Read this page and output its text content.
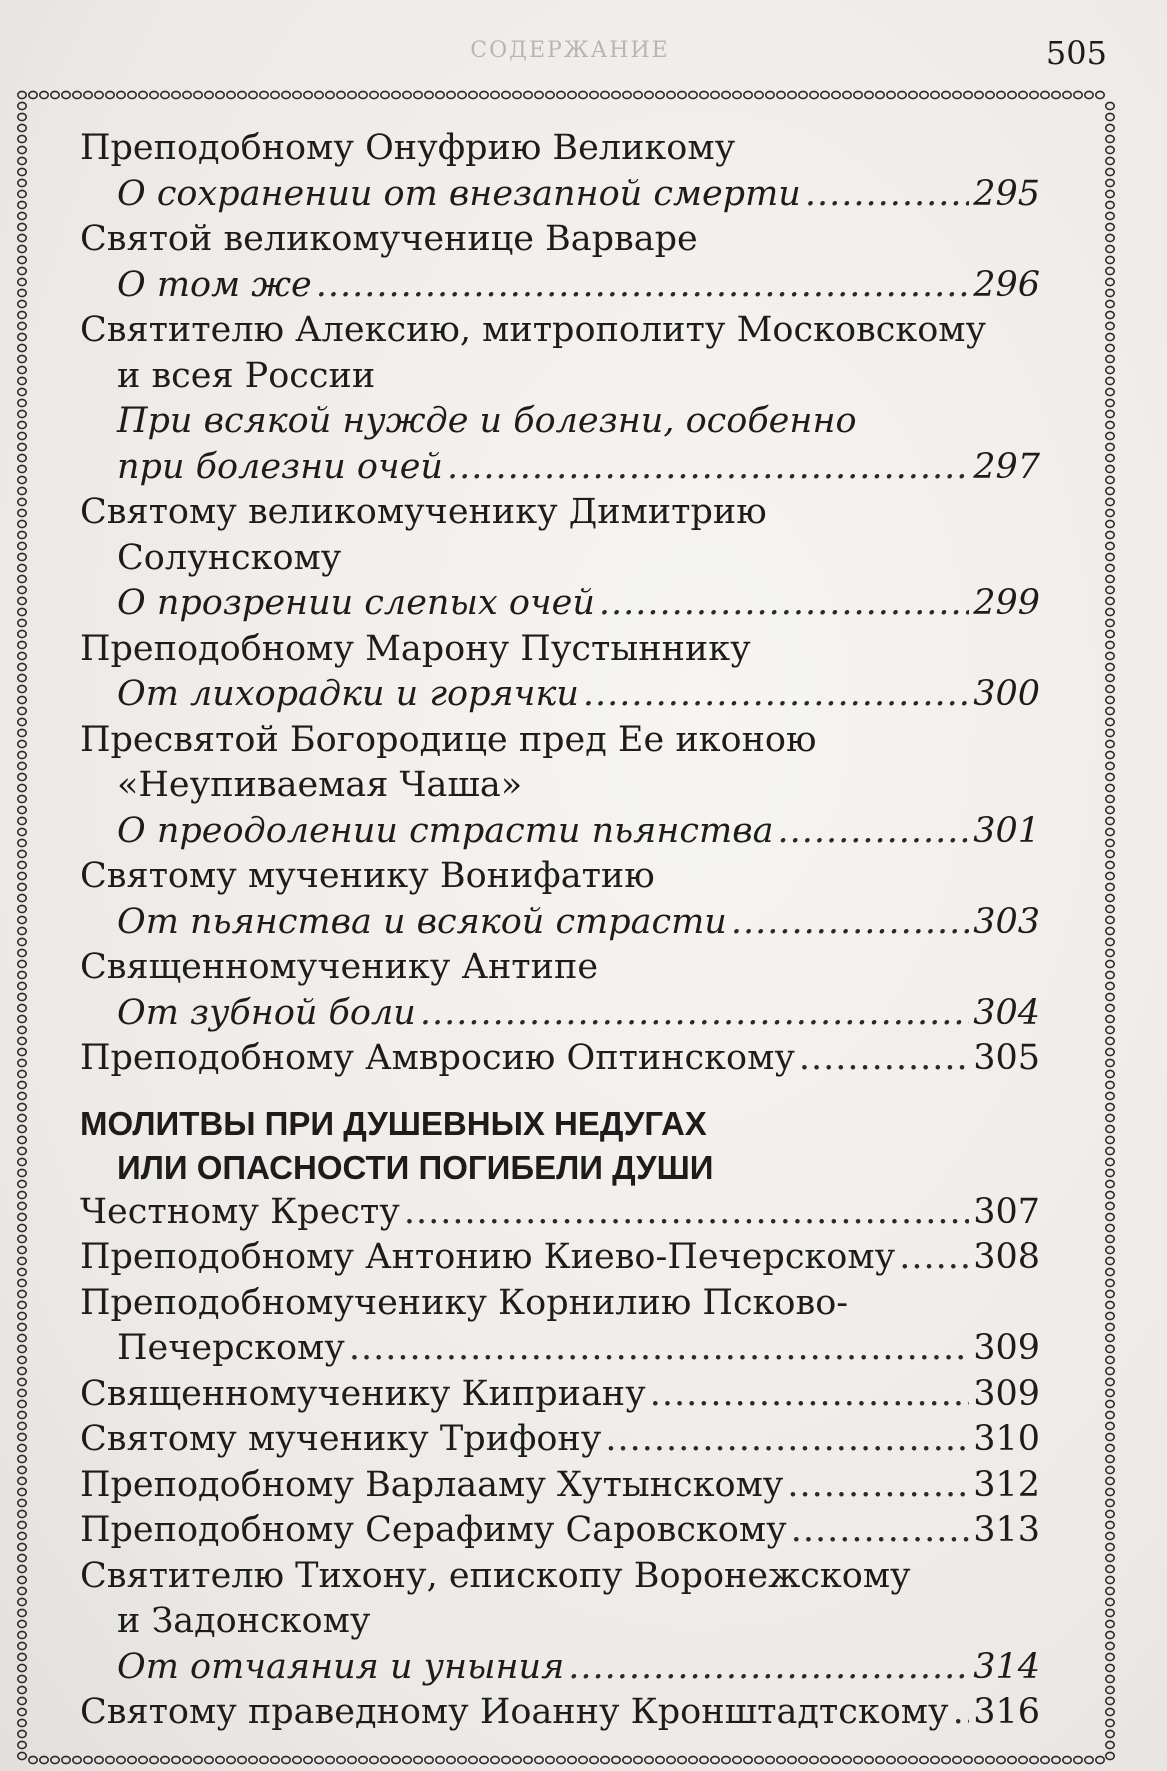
СОДЕРЖАНИЕ	505
Преподобному Онуфрию Великому
О сохранении от внезапной смерти .....	295
Святой великомученице Варваре
О том же .....	296
Святителю Алексию, митрополиту Московскому
и всея России
При всякой нужде и болезни, особенно
при болезни очей .....	297
Святому великомученику Димитрию
Солунскому
О прозрении слепых очей .....	299
Преподобному Марону Пустыннику
От лихорадки и горячки .....	300
Пресвятой Богородице пред Ее иконою
«Неупиваемая Чаша»
О преодолении страсти пьянства .....	301
Святому мученику Вонифатию
От пьянства и всякой страсти .....	303
Священномученику Антипе
От зубной боли .....	304
Преподобному Амвросию Оптинскому .....	305
МОЛИТВЫ ПРИ ДУШЕВНЫХ НЕДУГАХ
ИЛИ ОПАСНОСТИ ПОГИБЕЛИ ДУШИ
Честному Кресту .....	307
Преподобному Антонию Киево-Печерскому ..... 308
Преподобномученику Корнилию Псково-
Печерскому .....	309
Священномученику Киприану .....	309
Святому мученику Трифону .....	310
Преподобному Варлааму Хутынскому .....	312
Преподобному Серафиму Саровскому .....	313
Святителю Тихону, епископу Воронежскому
и Задонскому
От отчаяния и уныния .....	314
Святому праведному Иоанну Кронштадтскому ..... 316
